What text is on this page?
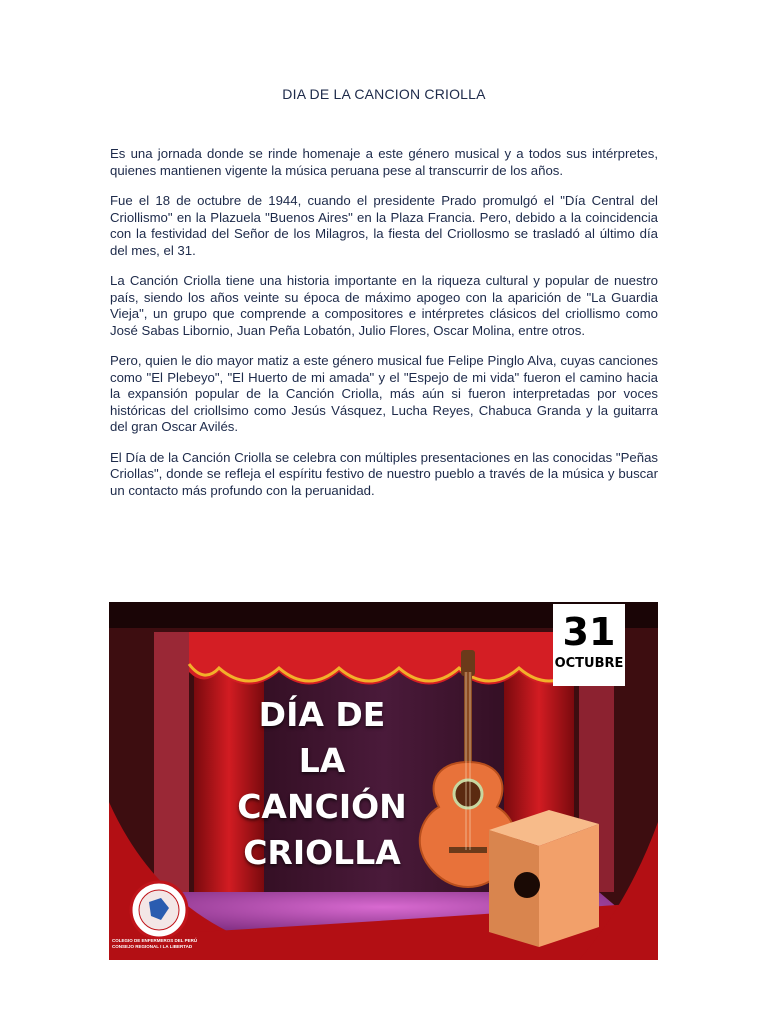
DIA DE LA CANCION CRIOLLA

Es una jornada donde se rinde homenaje a este género musical y a todos sus intérpretes, quienes mantienen vigente la música peruana pese al transcurrir de los años.

Fue el 18 de octubre de 1944, cuando el presidente Prado promulgó el "Día Central del Criollismo" en la Plazuela "Buenos Aires" en la Plaza Francia. Pero, debido a la coincidencia con la festividad del Señor de los Milagros, la fiesta del Criollosmo se trasladó al último día del mes, el 31.

La Canción Criolla tiene una historia importante en la riqueza cultural y popular de nuestro país, siendo los años veinte su época de máximo apogeo con la aparición de "La Guardia Vieja", un grupo que comprende a compositores e intérpretes clásicos del criollismo como José Sabas Libornio, Juan Peña Lobatón, Julio Flores, Oscar Molina, entre otros.

Pero, quien le dio mayor matiz a este género musical fue Felipe Pinglo Alva, cuyas canciones como "El Plebeyo", "El Huerto de mi amada" y el "Espejo de mi vida" fueron el camino hacia la expansión popular de la Canción Criolla, más aún si fueron interpretadas por voces históricas del criollsimo como Jesús Vásquez, Lucha Reyes, Chabuca Granda y la guitarra del gran Oscar Avilés.

El Día de la Canción Criolla se celebra con múltiples presentaciones en las conocidas "Peñas Criollas", donde se refleja el espíritu festivo de nuestro pueblo a través de la música y buscar un contacto más profundo con la peruanidad.

DÍA DE
LA
CANCIÓN
CRIOLLA
31
OCTUBRE
COLEGIO DE ENFERMEROS DEL PERÚ
CONSEJO REGIONAL I LA LIBERTAD
